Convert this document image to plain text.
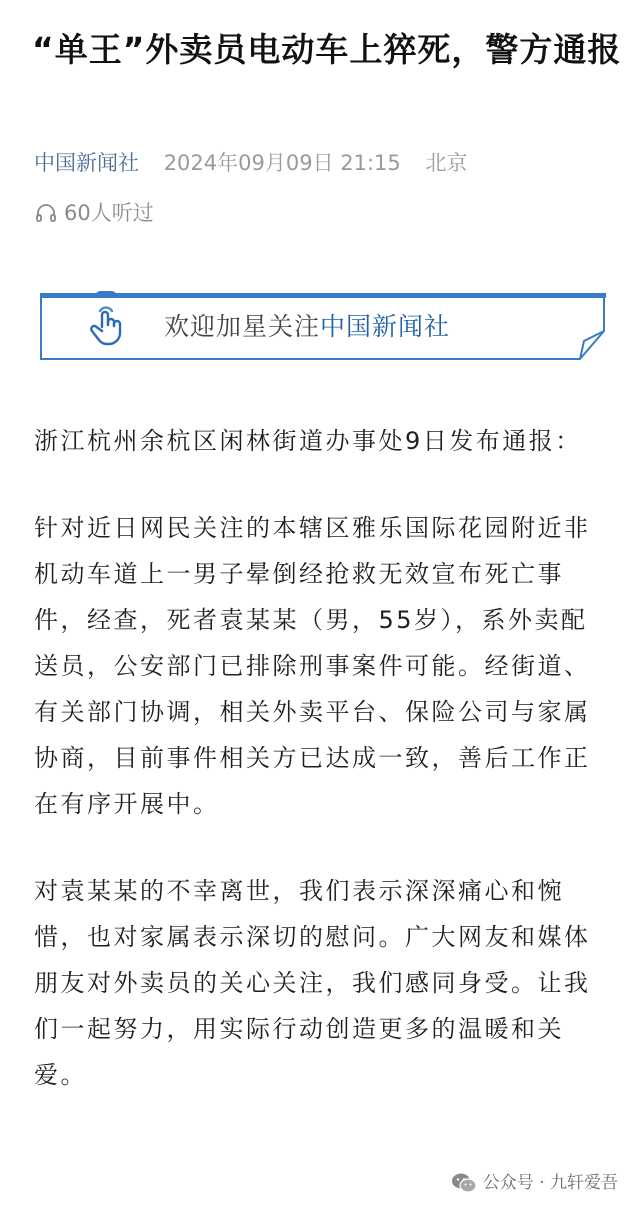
“单王”外卖员电动车上猝死，警方通报
中国新闻社 2024年09月09日 21:15 北京
60人听过
欢迎加星关注中国新闻社

浙江杭州余杭区闲林街道办事处9日发布通报：

针对近日网民关注的本辖区雅乐国际花园附近非机动车道上一男子晕倒经抢救无效宣布死亡事件，经查，死者袁某某（男，55岁），系外卖配送员，公安部门已排除刑事案件可能。经街道、有关部门协调，相关外卖平台、保险公司与家属协商，目前事件相关方已达成一致，善后工作正在有序开展中。

对袁某某的不幸离世，我们表示深深痛心和惋惜，也对家属表示深切的慰问。广大网友和媒体朋友对外卖员的关心关注，我们感同身受。让我们一起努力，用实际行动创造更多的温暖和关爱。

公众号 · 九轩爱吾
